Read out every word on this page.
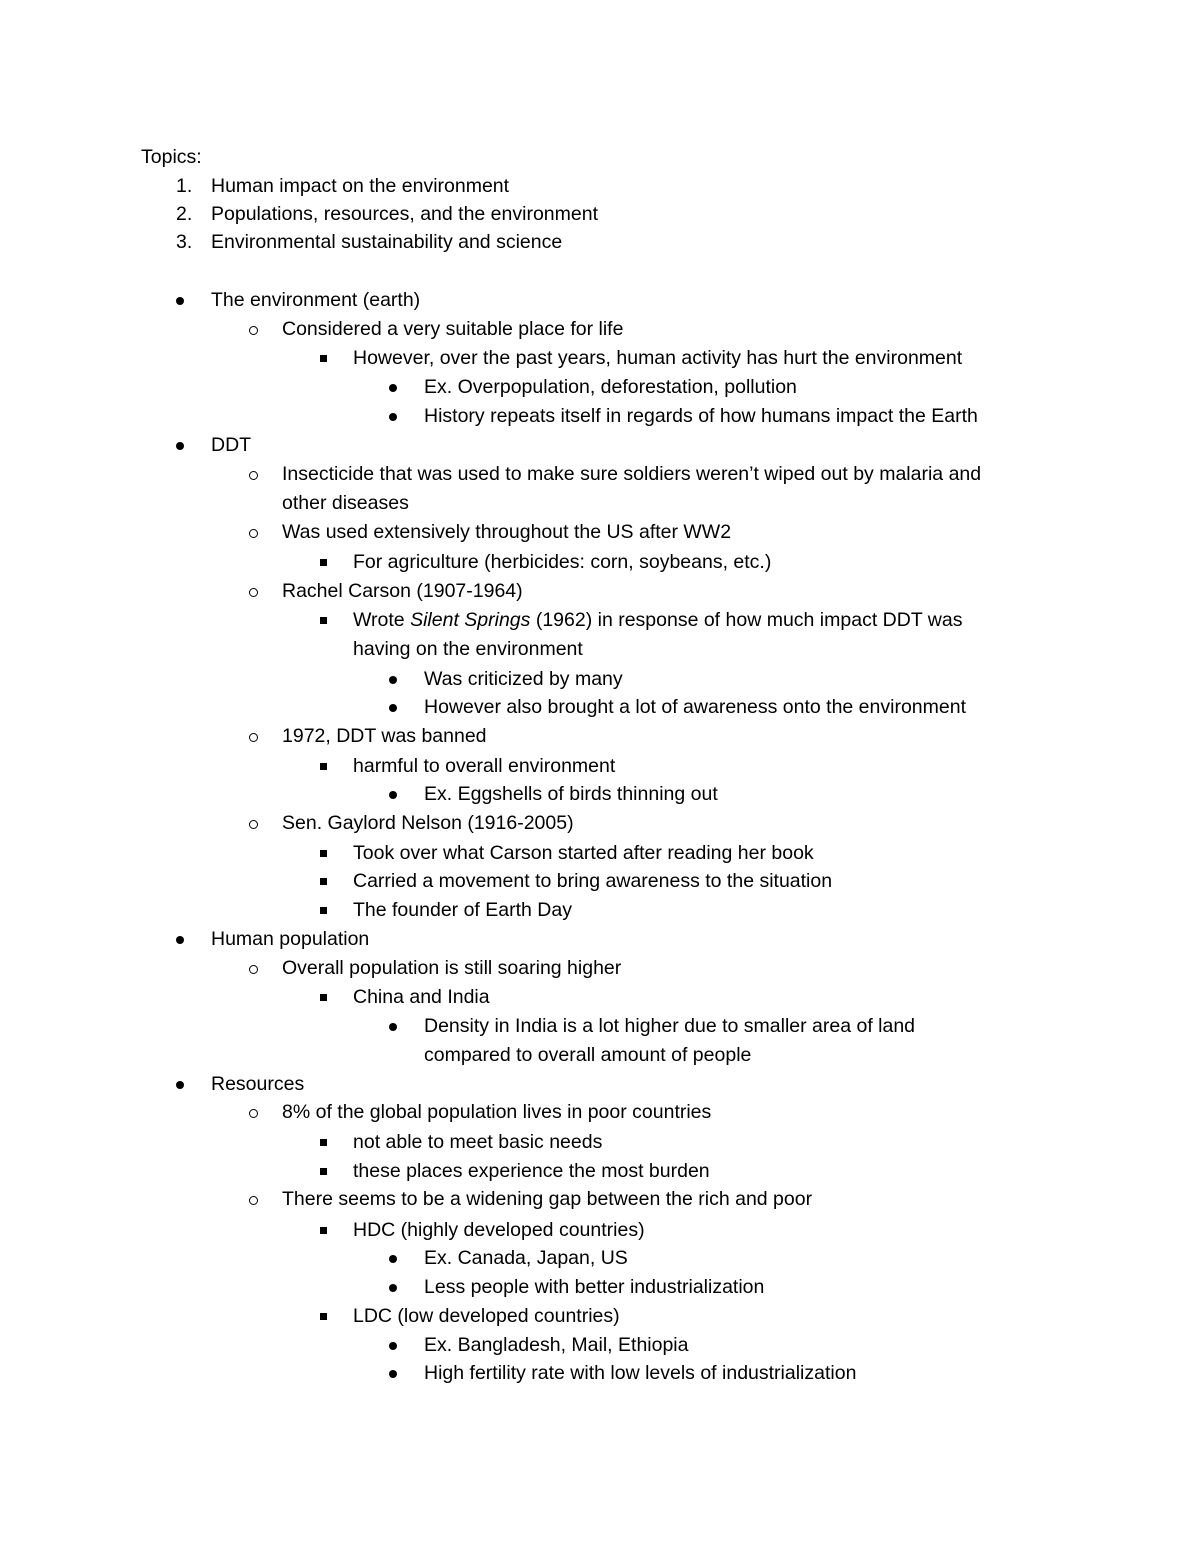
Topics:
1. Human impact on the environment
2. Populations, resources, and the environment
3. Environmental sustainability and science
The environment (earth)
Considered a very suitable place for life
However, over the past years, human activity has hurt the environment
Ex. Overpopulation, deforestation, pollution
History repeats itself in regards of how humans impact the Earth
DDT
Insecticide that was used to make sure soldiers weren’t wiped out by malaria and
other diseases
Was used extensively throughout the US after WW2
For agriculture (herbicides: corn, soybeans, etc.)
Rachel Carson (1907-1964)
Wrote Silent Springs (1962) in response of how much impact DDT was
having on the environment
Was criticized by many
However also brought a lot of awareness onto the environment
1972, DDT was banned
harmful to overall environment
Ex. Eggshells of birds thinning out
Sen. Gaylord Nelson (1916-2005)
Took over what Carson started after reading her book
Carried a movement to bring awareness to the situation
The founder of Earth Day
Human population
Overall population is still soaring higher
China and India
Density in India is a lot higher due to smaller area of land
compared to overall amount of people
Resources
8% of the global population lives in poor countries
not able to meet basic needs
these places experience the most burden
There seems to be a widening gap between the rich and poor
HDC (highly developed countries)
Ex. Canada, Japan, US
Less people with better industrialization
LDC (low developed countries)
Ex. Bangladesh, Mail, Ethiopia
High fertility rate with low levels of industrialization
